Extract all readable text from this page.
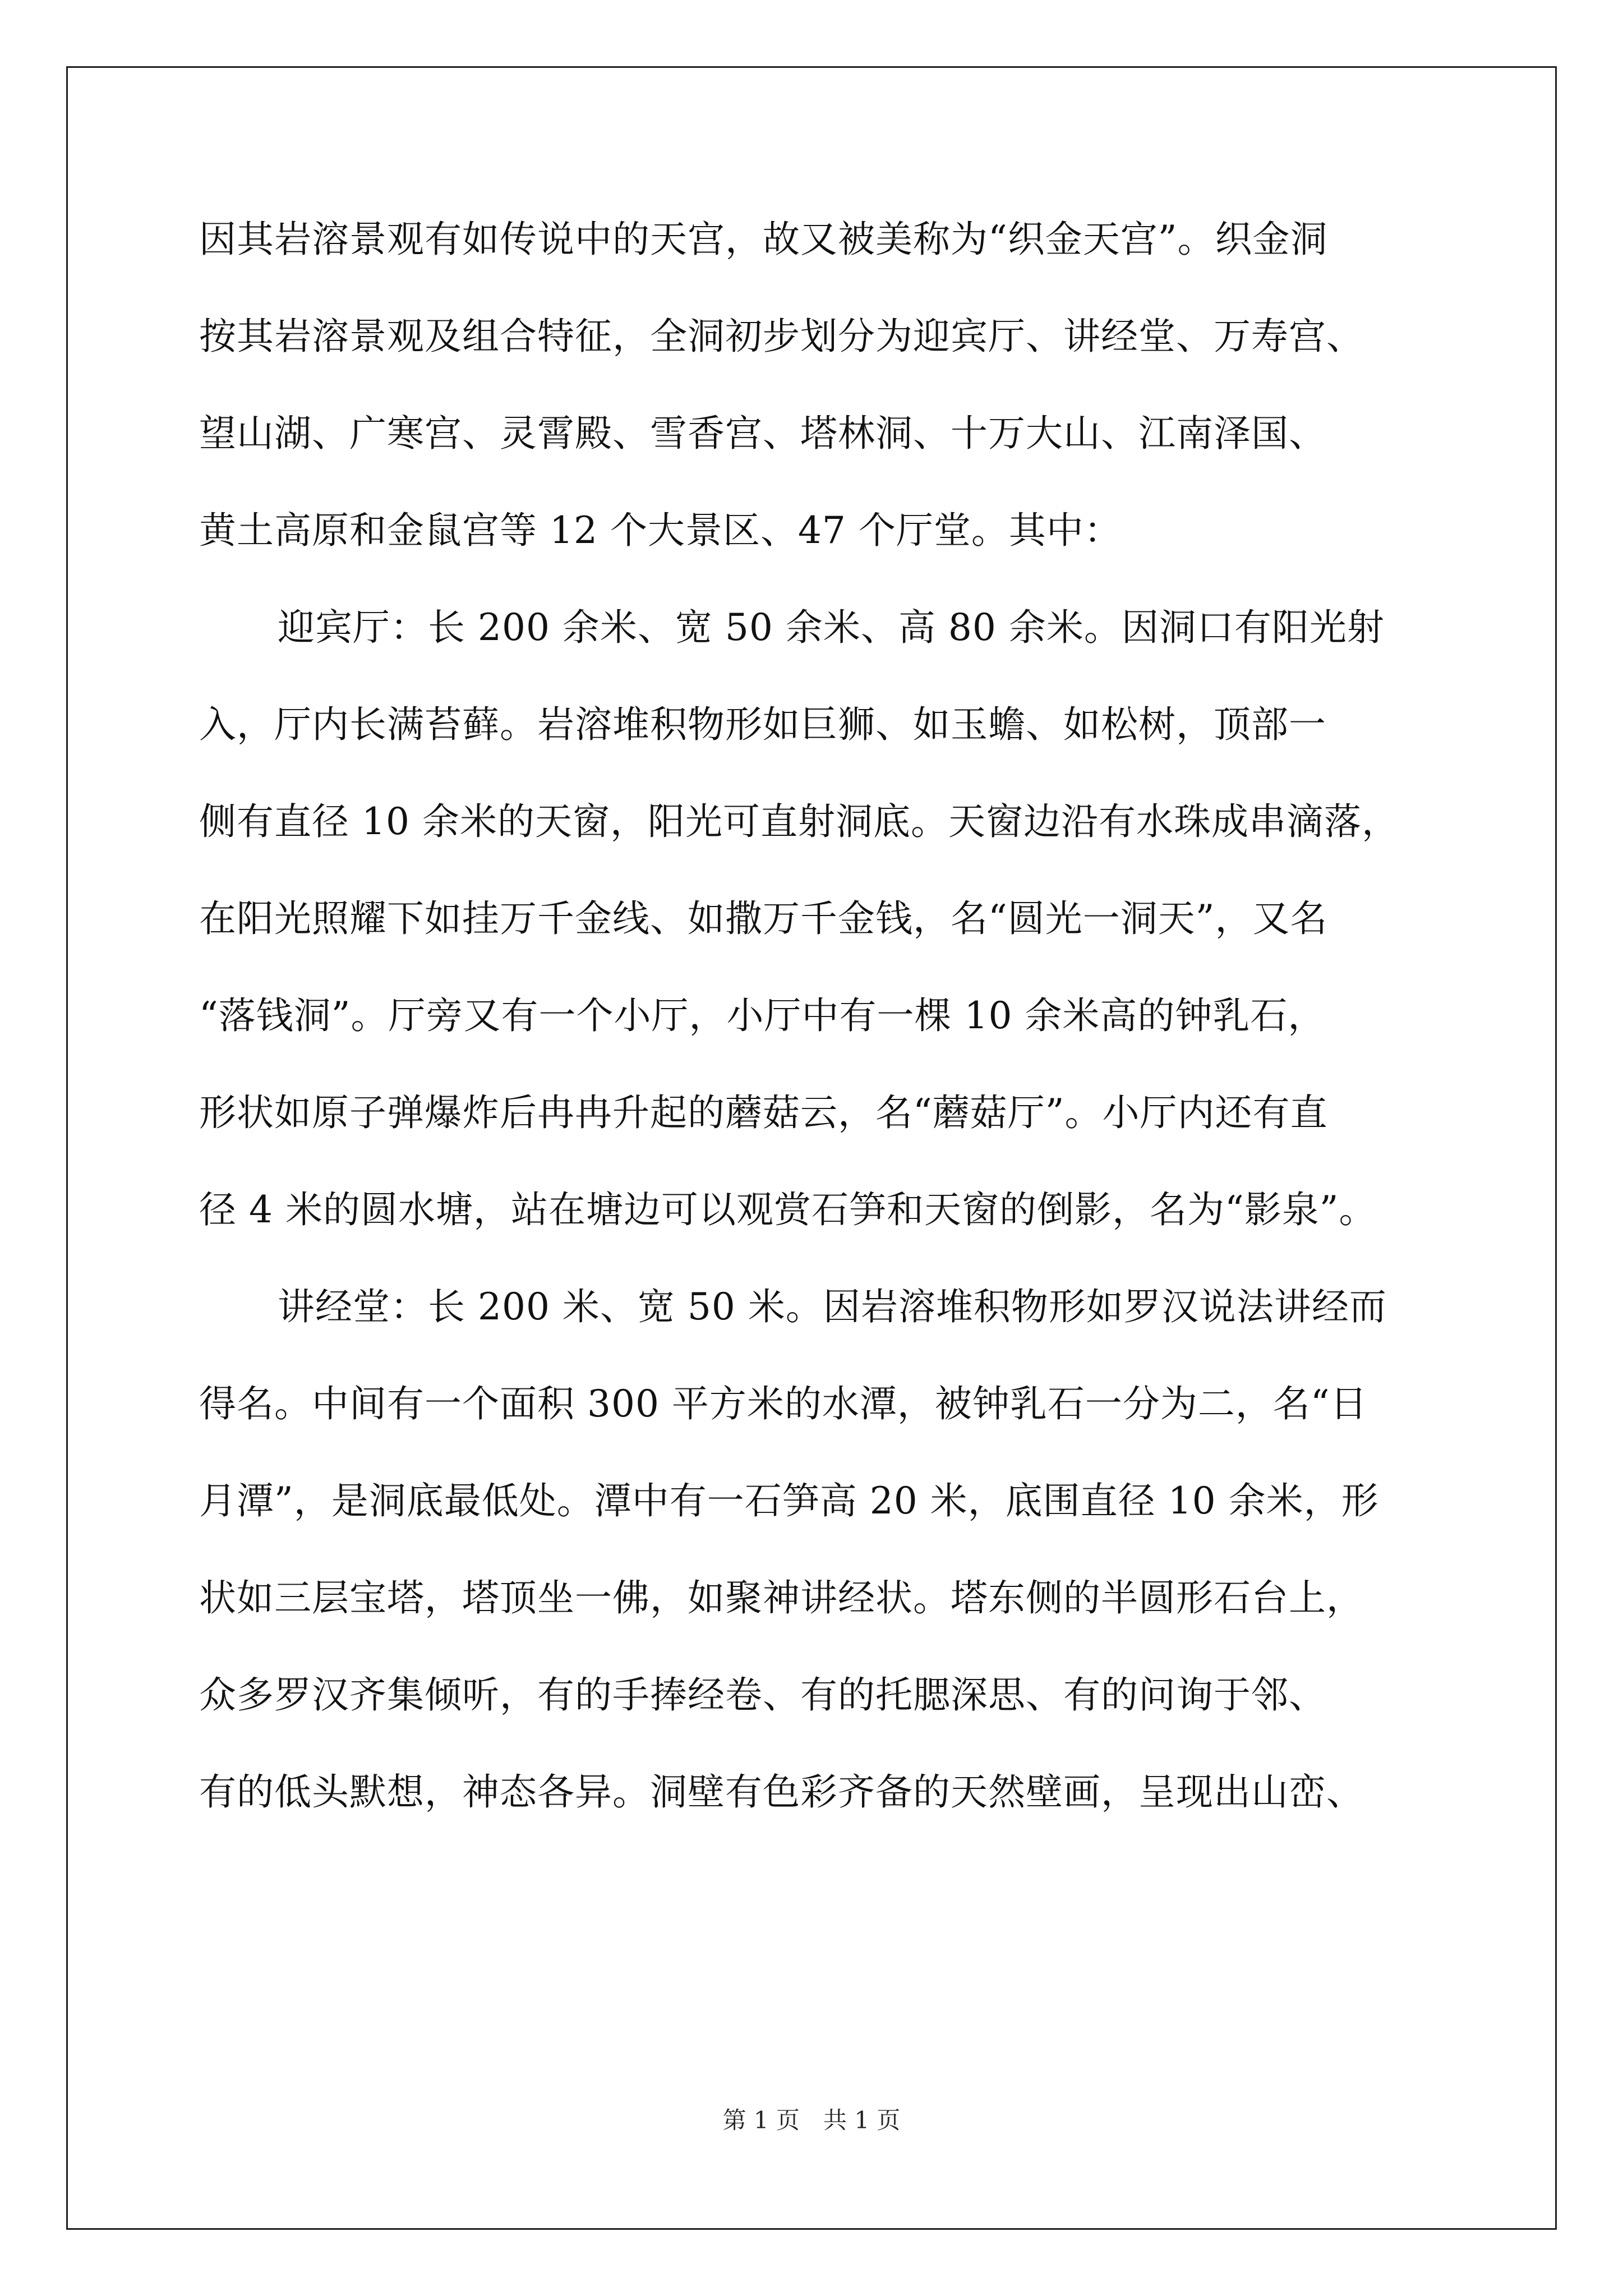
因其岩溶景观有如传说中的天宫，故又被美称为“织金天宫”。织金洞
按其岩溶景观及组合特征，全洞初步划分为迎宾厅、讲经堂、万寿宫、
望山湖、广寒宫、灵霄殿、雪香宫、塔林洞、十万大山、江南泽国、
黄土高原和金鼠宫等 12 个大景区、47 个厅堂。其中：
迎宾厅：长 200 余米、宽 50 余米、高 80 余米。因洞口有阳光射
入，厅内长满苔藓。岩溶堆积物形如巨狮、如玉蟾、如松树，顶部一
侧有直径 10 余米的天窗，阳光可直射洞底。天窗边沿有水珠成串滴落，
在阳光照耀下如挂万千金线、如撒万千金钱，名“圆光一洞天”，又名
“落钱洞”。厅旁又有一个小厅，小厅中有一棵 10 余米高的钟乳石，
形状如原子弹爆炸后冉冉升起的蘑菇云，名“蘑菇厅”。小厅内还有直
径 4 米的圆水塘，站在塘边可以观赏石笋和天窗的倒影，名为“影泉”。
讲经堂：长 200 米、宽 50 米。因岩溶堆积物形如罗汉说法讲经而
得名。中间有一个面积 300 平方米的水潭，被钟乳石一分为二，名“日
月潭”，是洞底最低处。潭中有一石笋高 20 米，底围直径 10 余米，形
状如三层宝塔，塔顶坐一佛，如聚神讲经状。塔东侧的半圆形石台上，
众多罗汉齐集倾听，有的手捧经卷、有的托腮深思、有的问询于邻、
有的低头默想，神态各异。洞壁有色彩齐备的天然壁画，呈现出山峦、
第 1 页　共 1 页
